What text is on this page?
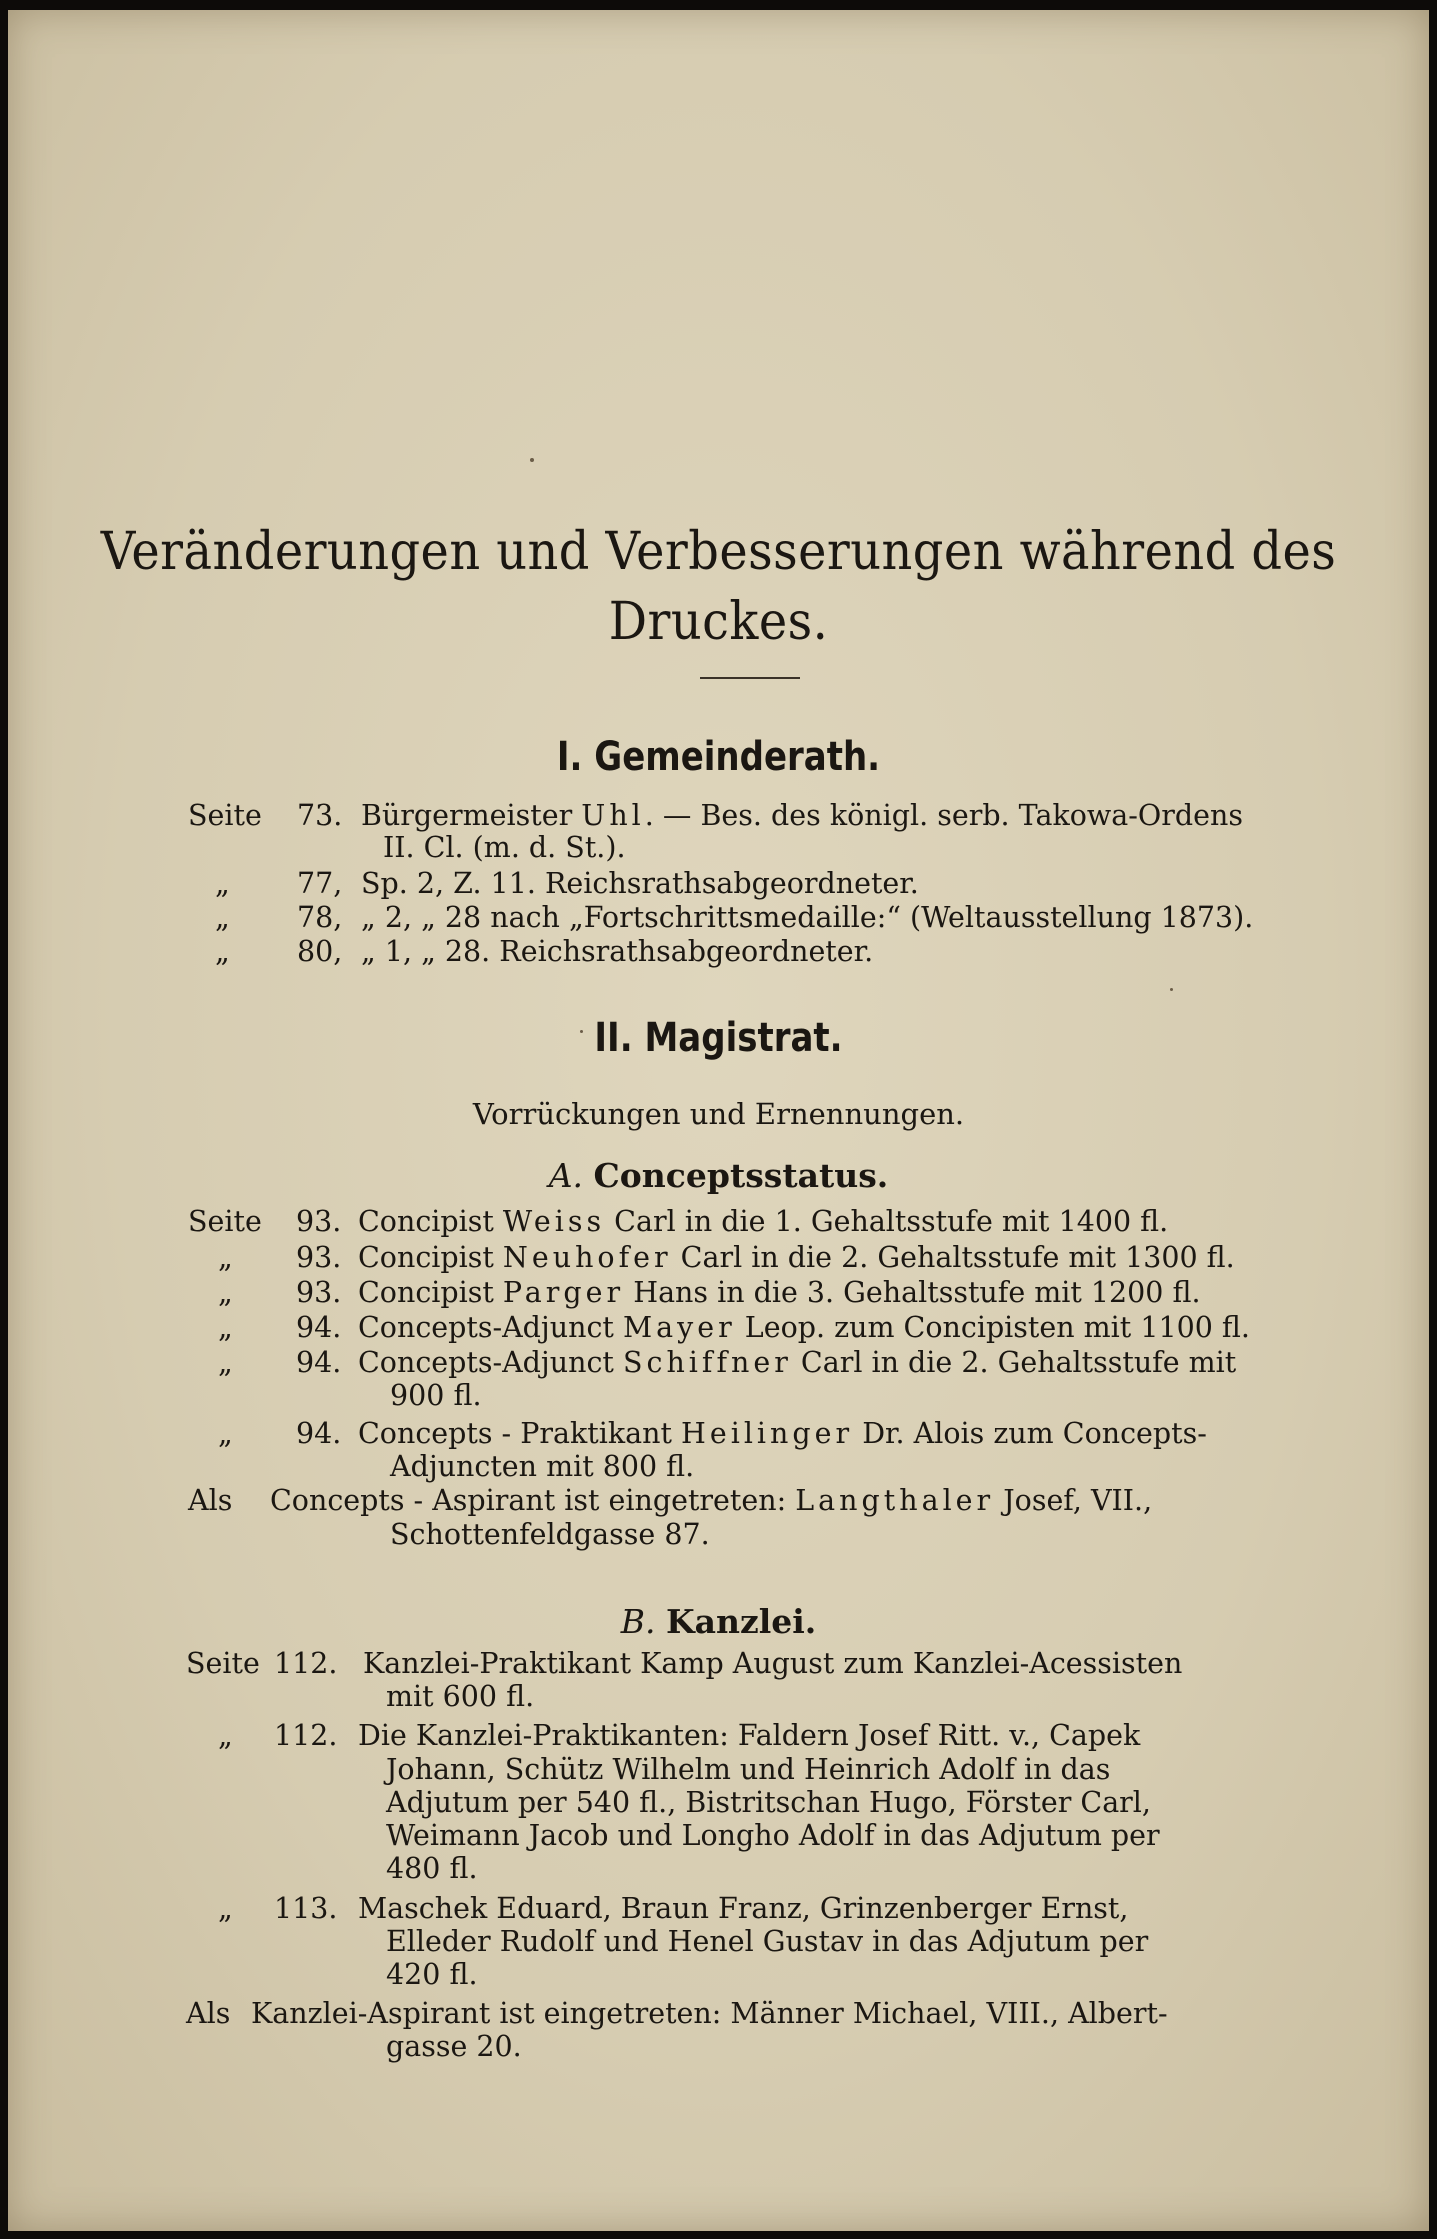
Veränderungen und Verbesserungen während des
Druckes.
I. Gemeinderath.
Seite 73. Bürgermeister Uhl. — Bes. des königl. serb. Takowa-Ordens
II. Cl. (m. d. St.).
„ 77, Sp. 2, Z. 11. Reichsrathsabgeordneter.
„ 78, „ 2, „ 28 nach „Fortschrittsmedaille:“ (Weltausstellung 1873).
„ 80, „ 1, „ 28. Reichsrathsabgeordneter.
II. Magistrat.
Vorrückungen und Ernennungen.
A. Conceptsstatus.
Seite 93. Concipist Weiss Carl in die 1. Gehaltsstufe mit 1400 fl.
„ 93. Concipist Neuhofer Carl in die 2. Gehaltsstufe mit 1300 fl.
„ 93. Concipist Parger Hans in die 3. Gehaltsstufe mit 1200 fl.
„ 94. Concepts-Adjunct Mayer Leop. zum Concipisten mit 1100 fl.
„ 94. Concepts-Adjunct Schiffner Carl in die 2. Gehaltsstufe mit
900 fl.
„ 94. Concepts - Praktikant Heilinger Dr. Alois zum Concepts-
Adjuncten mit 800 fl.
Als Concepts - Aspirant ist eingetreten: Langthaler Josef, VII.,
Schottenfeldgasse 87.
B. Kanzlei.
Seite 112. Kanzlei-Praktikant Kamp August zum Kanzlei-Acessisten
mit 600 fl.
„ 112. Die Kanzlei-Praktikanten: Faldern Josef Ritt. v., Capek
Johann, Schütz Wilhelm und Heinrich Adolf in das
Adjutum per 540 fl., Bistritschan Hugo, Förster Carl,
Weimann Jacob und Longho Adolf in das Adjutum per
480 fl.
„ 113. Maschek Eduard, Braun Franz, Grinzenberger Ernst,
Elleder Rudolf und Henel Gustav in das Adjutum per
420 fl.
Als Kanzlei-Aspirant ist eingetreten: Männer Michael, VIII., Albert-
gasse 20.
